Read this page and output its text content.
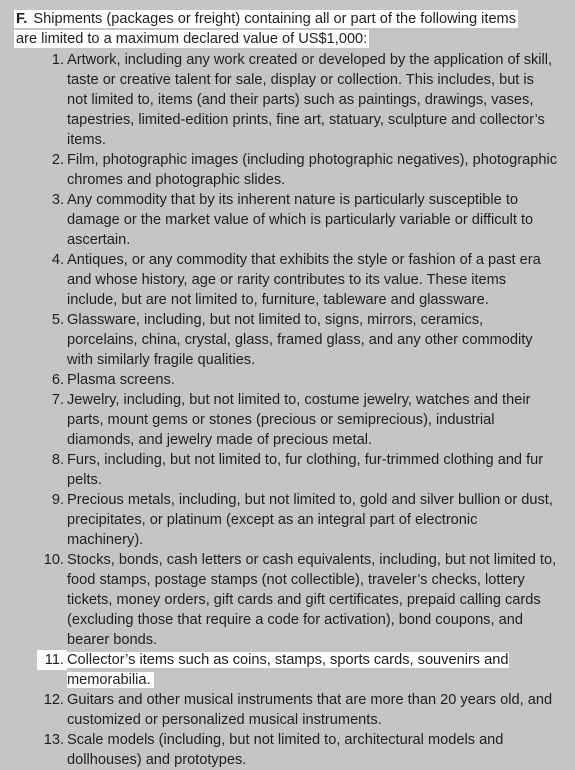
F. Shipments (packages or freight) containing all or part of the following items are limited to a maximum declared value of US$1,000:
1. Artwork, including any work created or developed by the application of skill, taste or creative talent for sale, display or collection. This includes, but is not limited to, items (and their parts) such as paintings, drawings, vases, tapestries, limited-edition prints, fine art, statuary, sculpture and collector’s items.
2. Film, photographic images (including photographic negatives), photographic chromes and photographic slides.
3. Any commodity that by its inherent nature is particularly susceptible to damage or the market value of which is particularly variable or difficult to ascertain.
4. Antiques, or any commodity that exhibits the style or fashion of a past era and whose history, age or rarity contributes to its value. These items include, but are not limited to, furniture, tableware and glassware.
5. Glassware, including, but not limited to, signs, mirrors, ceramics, porcelains, china, crystal, glass, framed glass, and any other commodity with similarly fragile qualities.
6. Plasma screens.
7. Jewelry, including, but not limited to, costume jewelry, watches and their parts, mount gems or stones (precious or semiprecious), industrial diamonds, and jewelry made of precious metal.
8. Furs, including, but not limited to, fur clothing, fur-trimmed clothing and fur pelts.
9. Precious metals, including, but not limited to, gold and silver bullion or dust, precipitates, or platinum (except as an integral part of electronic machinery).
10. Stocks, bonds, cash letters or cash equivalents, including, but not limited to, food stamps, postage stamps (not collectible), traveler’s checks, lottery tickets, money orders, gift cards and gift certificates, prepaid calling cards (excluding those that require a code for activation), bond coupons, and bearer bonds.
11. Collector’s items such as coins, stamps, sports cards, souvenirs and memorabilia.
12. Guitars and other musical instruments that are more than 20 years old, and customized or personalized musical instruments.
13. Scale models (including, but not limited to, architectural models and dollhouses) and prototypes.
